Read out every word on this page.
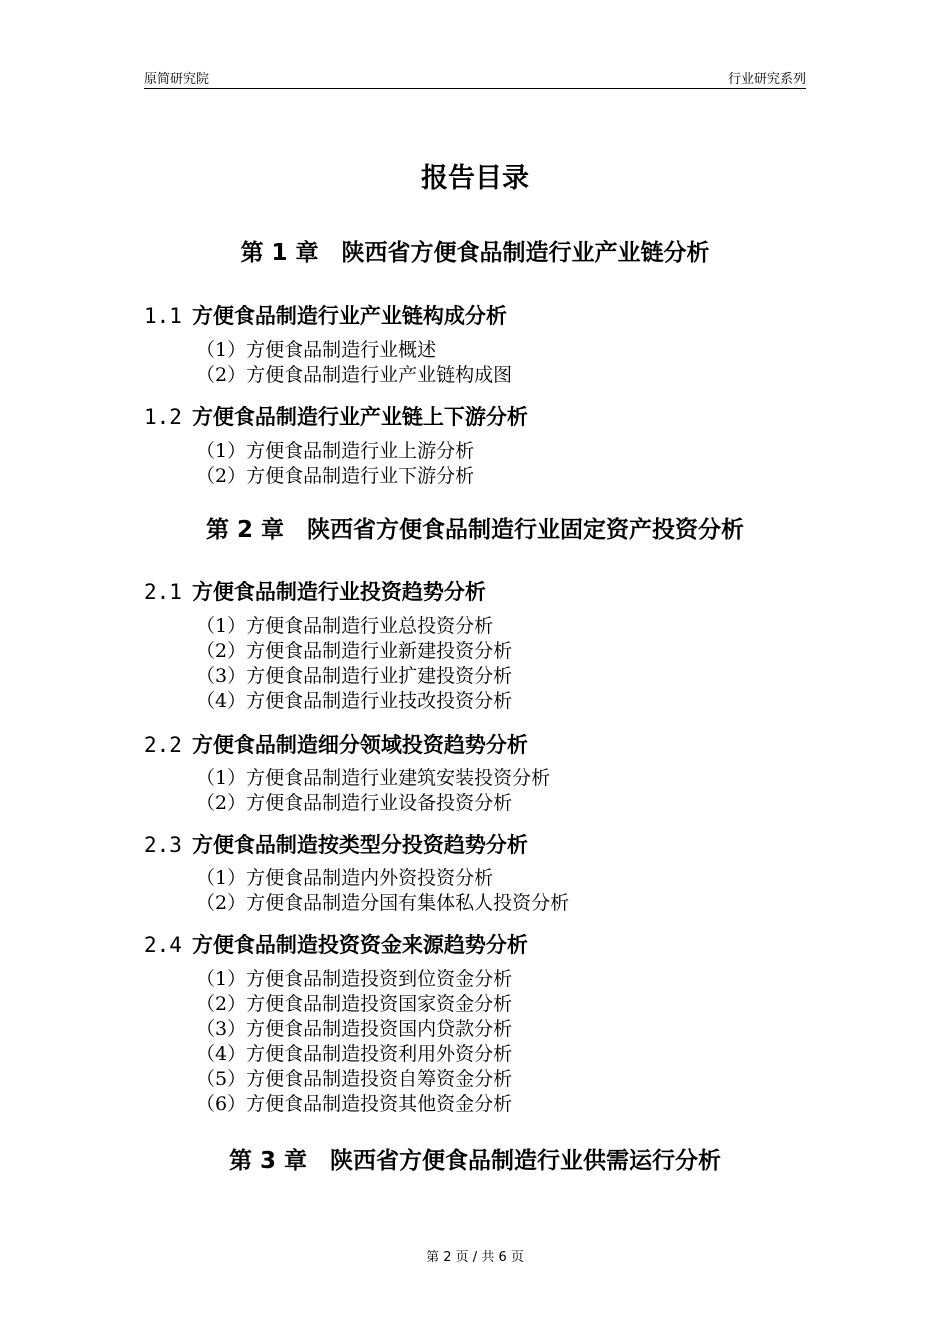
原简研究院	行业研究系列
报告目录
第 1 章　陕西省方便食品制造行业产业链分析
1.1 方便食品制造行业产业链构成分析
（1）方便食品制造行业概述
（2）方便食品制造行业产业链构成图
1.2 方便食品制造行业产业链上下游分析
（1）方便食品制造行业上游分析
（2）方便食品制造行业下游分析
第 2 章　陕西省方便食品制造行业固定资产投资分析
2.1 方便食品制造行业投资趋势分析
（1）方便食品制造行业总投资分析
（2）方便食品制造行业新建投资分析
（3）方便食品制造行业扩建投资分析
（4）方便食品制造行业技改投资分析
2.2 方便食品制造细分领域投资趋势分析
（1）方便食品制造行业建筑安装投资分析
（2）方便食品制造行业设备投资分析
2.3 方便食品制造按类型分投资趋势分析
（1）方便食品制造内外资投资分析
（2）方便食品制造分国有集体私人投资分析
2.4 方便食品制造投资资金来源趋势分析
（1）方便食品制造投资到位资金分析
（2）方便食品制造投资国家资金分析
（3）方便食品制造投资国内贷款分析
（4）方便食品制造投资利用外资分析
（5）方便食品制造投资自筹资金分析
（6）方便食品制造投资其他资金分析
第 3 章　陕西省方便食品制造行业供需运行分析
第 2 页 / 共 6 页
